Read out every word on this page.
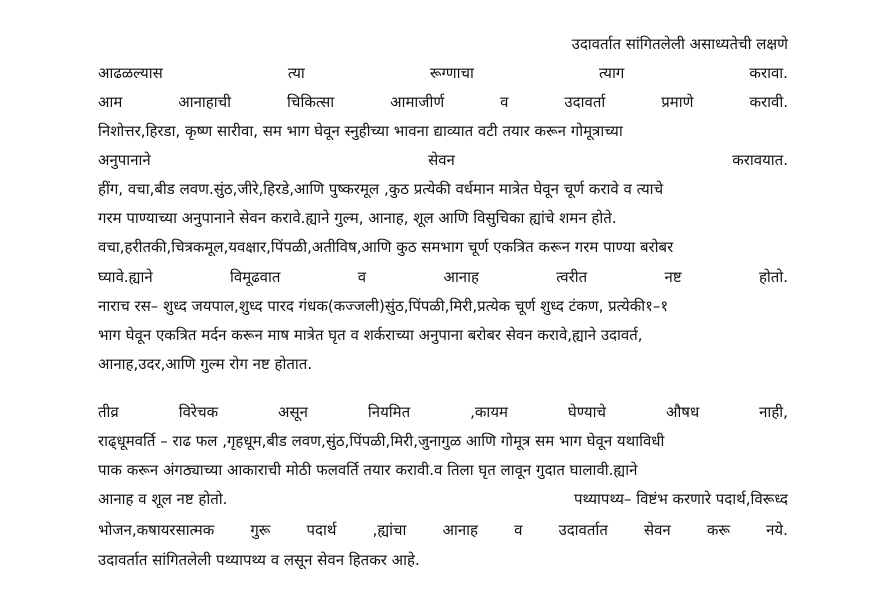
उदावर्तात सांगितलेली असाध्यतेची लक्षणे
आढळल्यास	त्या	रूग्णाचा	त्याग	करावा.
आम	आनाहाची	चिकित्सा	आमाजीर्ण	व	उदावर्ता	प्रमाणे	करावी.
निशोत्तर,हिरडा, कृष्ण सारीवा, सम भाग घेवून स्नुहीच्या भावना द्याव्यात वटी तयार करून गोमूत्राच्या
अनुपानाने	सेवन	करावयात.
हींग, वचा,बीड लवण.सुंठ,जीरे,हिरडे,आणि पुष्करमूल ,कुठ प्रत्येकी वर्धमान मात्रेत घेवून चूर्ण करावे व त्याचे
गरम पाण्याच्या अनुपानाने सेवन करावे.ह्याने गुल्म, आनाह, शूल आणि विसुचिका ह्यांचे शमन होते.
वचा,हरीतकी,चित्रकमूल,यवक्षार,पिंपळी,अतीविष,आणि कुठ समभाग चूर्ण एकत्रित करून गरम पाण्या बरोबर
घ्यावे.ह्याने	विमूढवात	व	आनाह	त्वरीत	नष्ट	होतो.
नाराच रस– शुध्द जयपाल,शुध्द पारद गंधक(कज्जली)सुंठ,पिंपळी,मिरी,प्रत्येक चूर्ण शुध्द टंकण, प्रत्येकी१–१
भाग घेवून एकत्रित मर्दन करून माष मात्रेत घृत व शर्कराच्या अनुपाना बरोबर सेवन करावे,ह्याने उदावर्त,
आनाह,उदर,आणि गुल्म रोग नष्ट होतात.
तीव्र	विरेचक	असून	नियमित	,कायम	घेण्याचे	औषध	नाही,
राढ्धूमवर्ति – राढ फल ,गृहधूम,बीड लवण,सुंठ,पिंपळी,मिरी,जुनागुळ आणि गोमूत्र सम भाग घेवून यथाविधी
पाक करून अंगठ्याच्या आकाराची मोठी फलवर्ति तयार करावी.व तिला घृत लावून गुदात घालावी.ह्याने
आनाह व शूल नष्ट होतो.	पथ्यापथ्य– विष्टंभ करणारे पदार्थ,विरूध्द
भोजन,कषायरसात्मक गुरू पदार्थ ,ह्यांचा आनाह व उदावर्तात सेवन करू नये.
उदावर्तात सांगितलेली पथ्यापथ्य व लसून सेवन हितकर आहे.
